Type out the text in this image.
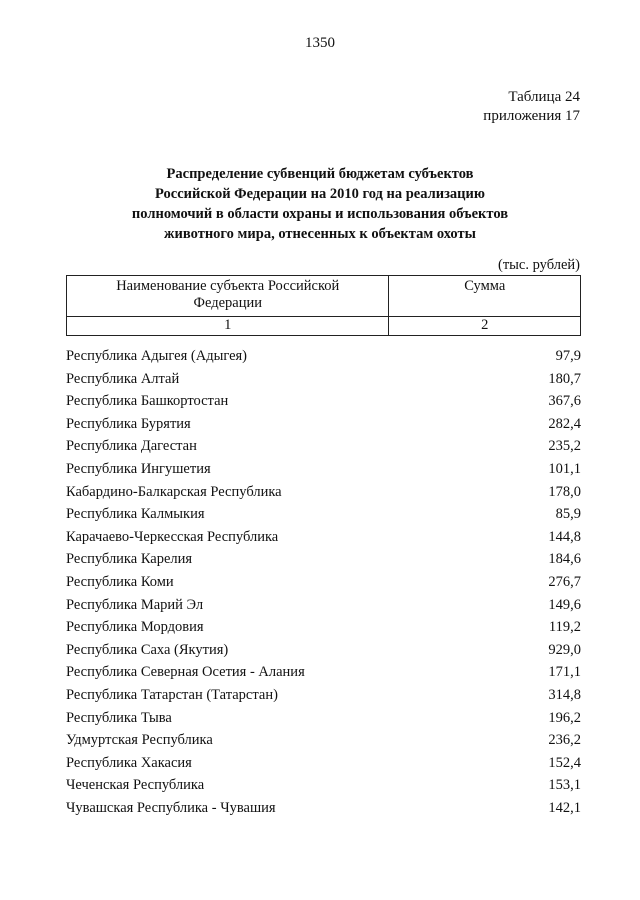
1350
Таблица 24
приложения 17
Распределение субвенций бюджетам субъектов
Российской Федерации на 2010 год на реализацию
полномочий в области охраны и использования объектов
животного мира, отнесенных к объектам охоты
(тыс. рублей)
Наименование субъекта Российской
Федерации	Сумма
1	2
Республика Адыгея (Адыгея)	97,9
Республика Алтай	180,7
Республика Башкортостан	367,6
Республика Бурятия	282,4
Республика Дагестан	235,2
Республика Ингушетия	101,1
Кабардино-Балкарская Республика	178,0
Республика Калмыкия	85,9
Карачаево-Черкесская Республика	144,8
Республика Карелия	184,6
Республика Коми	276,7
Республика Марий Эл	149,6
Республика Мордовия	119,2
Республика Саха (Якутия)	929,0
Республика Северная Осетия - Алания	171,1
Республика Татарстан (Татарстан)	314,8
Республика Тыва	196,2
Удмуртская Республика	236,2
Республика Хакасия	152,4
Чеченская Республика	153,1
Чувашская Республика - Чувашия	142,1
